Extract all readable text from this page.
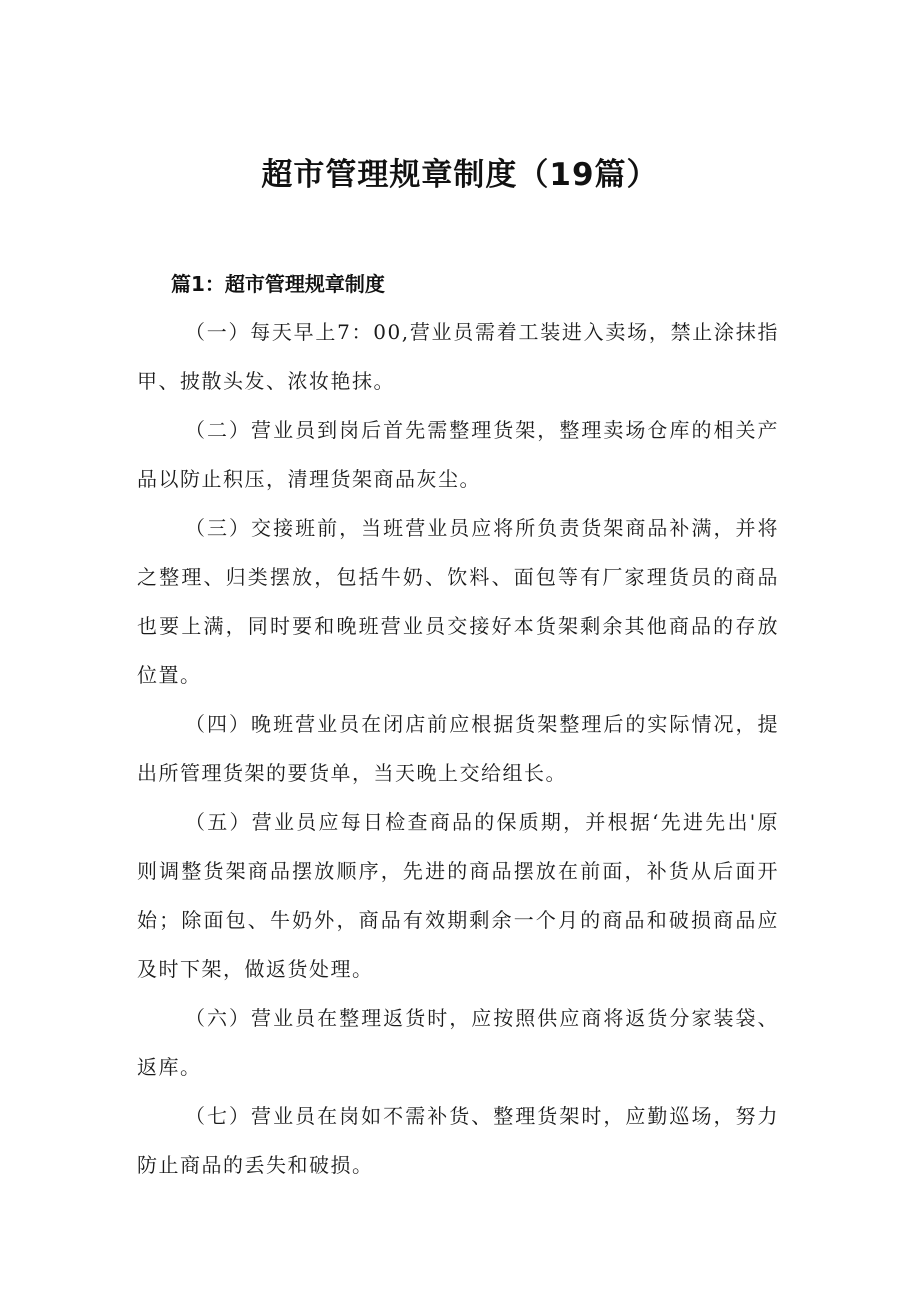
超市管理规章制度（19篇）
篇1：超市管理规章制度

（一）每天早上7：00,营业员需着工装进入卖场，禁止涂抹指甲、披散头发、浓妆艳抹。

（二）营业员到岗后首先需整理货架，整理卖场仓库的相关产品以防止积压，清理货架商品灰尘。

（三）交接班前，当班营业员应将所负责货架商品补满，并将之整理、归类摆放，包括牛奶、饮料、面包等有厂家理货员的商品也要上满，同时要和晚班营业员交接好本货架剩余其他商品的存放位置。

（四）晚班营业员在闭店前应根据货架整理后的实际情况，提出所管理货架的要货单，当天晚上交给组长。

（五）营业员应每日检查商品的保质期，并根据‘先进先出'原则调整货架商品摆放顺序，先进的商品摆放在前面，补货从后面开始；除面包、牛奶外，商品有效期剩余一个月的商品和破损商品应及时下架，做返货处理。

（六）营业员在整理返货时，应按照供应商将返货分家装袋、返库。

（七）营业员在岗如不需补货、整理货架时，应勤巡场，努力防止商品的丢失和破损。
